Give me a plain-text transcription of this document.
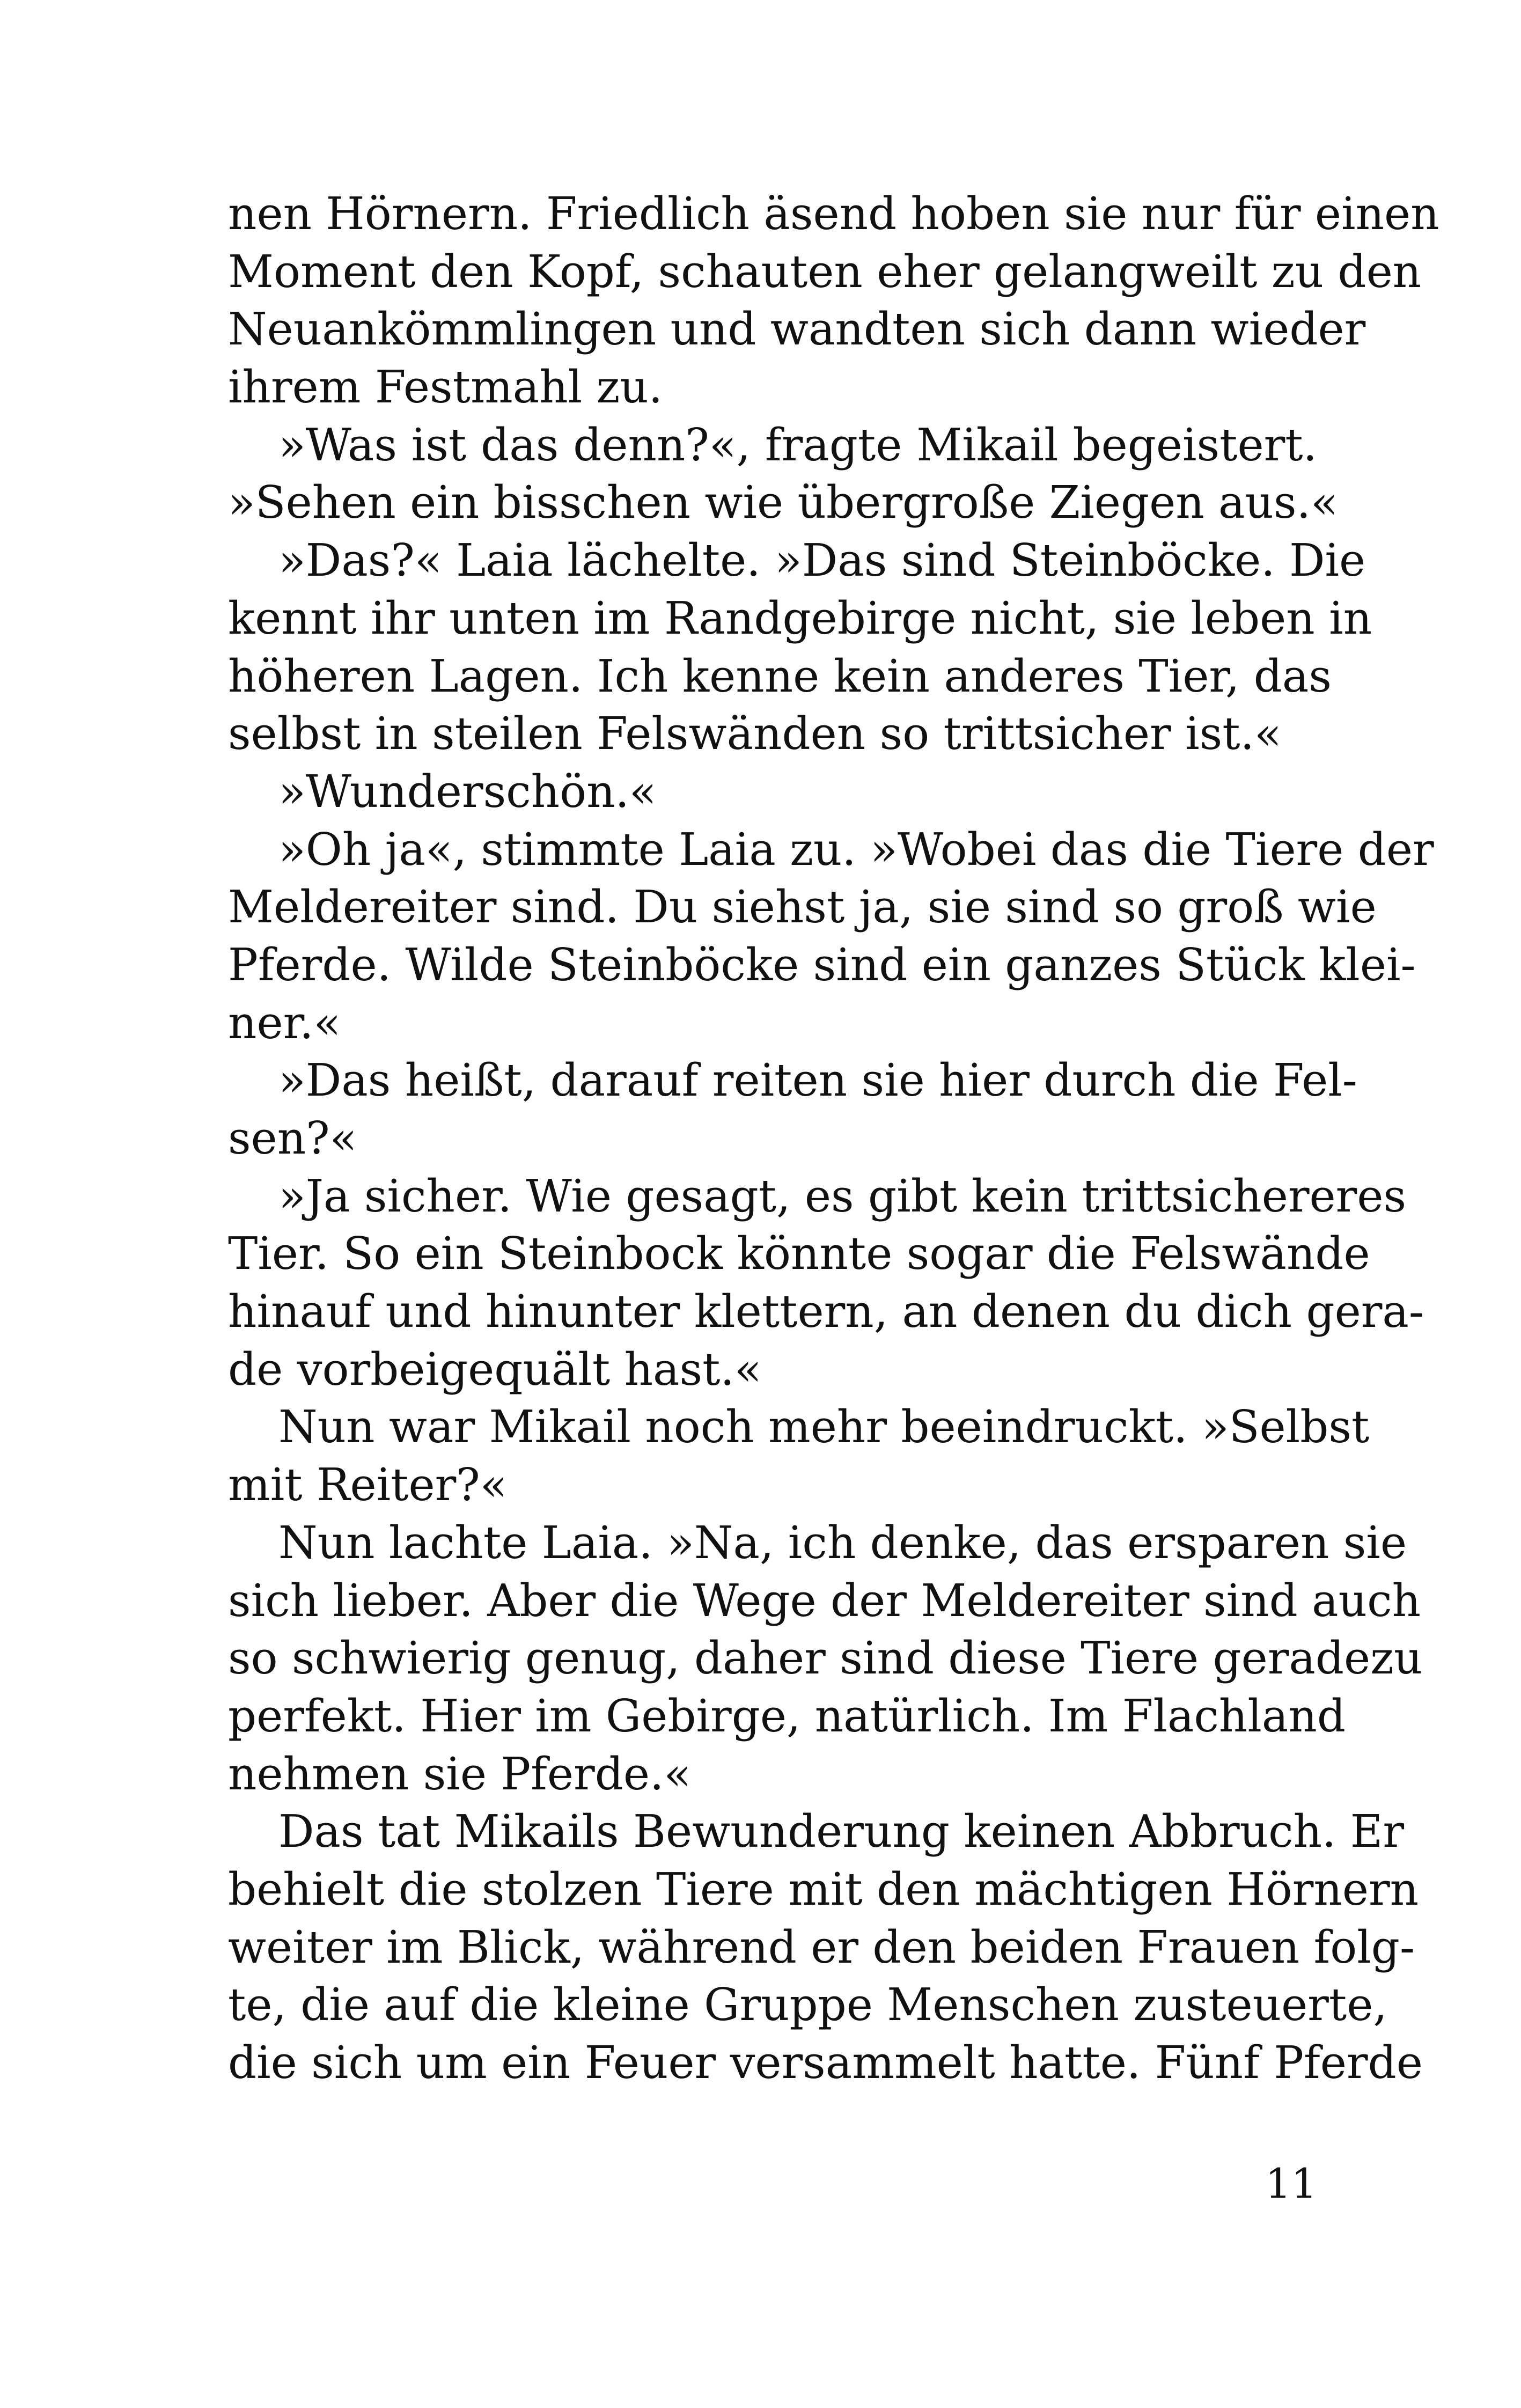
nen Hörnern. Friedlich äsend hoben sie nur für einen
Moment den Kopf, schauten eher gelangweilt zu den
Neuankömmlingen und wandten sich dann wieder
ihrem Festmahl zu.
»Was ist das denn?«, fragte Mikail begeistert.
»Sehen ein bisschen wie übergroße Ziegen aus.«
»Das?« Laia lächelte. »Das sind Steinböcke. Die
kennt ihr unten im Randgebirge nicht, sie leben in
höheren Lagen. Ich kenne kein anderes Tier, das
selbst in steilen Felswänden so trittsicher ist.«
»Wunderschön.«
»Oh ja«, stimmte Laia zu. »Wobei das die Tiere der
Meldereiter sind. Du siehst ja, sie sind so groß wie
Pferde. Wilde Steinböcke sind ein ganzes Stück klei-
ner.«
»Das heißt, darauf reiten sie hier durch die Fel-
sen?«
»Ja sicher. Wie gesagt, es gibt kein trittsichereres
Tier. So ein Steinbock könnte sogar die Felswände
hinauf und hinunter klettern, an denen du dich gera-
de vorbeigequält hast.«
Nun war Mikail noch mehr beeindruckt. »Selbst
mit Reiter?«
Nun lachte Laia. »Na, ich denke, das ersparen sie
sich lieber. Aber die Wege der Meldereiter sind auch
so schwierig genug, daher sind diese Tiere geradezu
perfekt. Hier im Gebirge, natürlich. Im Flachland
nehmen sie Pferde.«
Das tat Mikails Bewunderung keinen Abbruch. Er
behielt die stolzen Tiere mit den mächtigen Hörnern
weiter im Blick, während er den beiden Frauen folg-
te, die auf die kleine Gruppe Menschen zusteuerte,
die sich um ein Feuer versammelt hatte. Fünf Pferde
11
